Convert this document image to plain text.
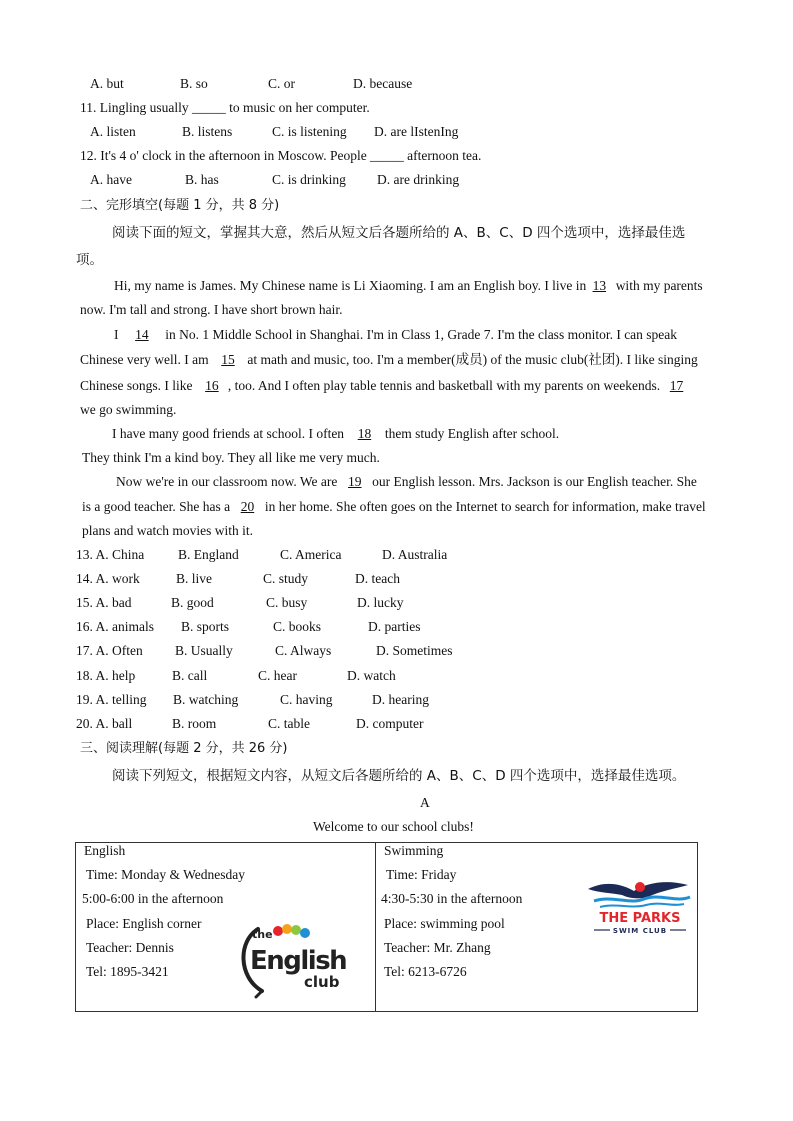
A. but	B. so	C. or	D. because
11. Lingling usually _____ to music on her computer.
A. listen	B. listens	C. is listening D. are lIstenIng
12. It's 4 o' clock in the afternoon in Moscow. People _____ afternoon tea.
A. have	B. has	C. is drinking D. are drinking
二、完形填空(每题 1 分，共 8 分)
阅读下面的短文，掌握其大意，然后从短文后各题所给的 A、B、C、D 四个选项中，选择最佳选
项。
Hi, my name is James. My Chinese name is Li Xiaoming. I am an English boy. I live in 13 with my parents
now. I'm tall and strong. I have short brown hair.
I 14 in No. 1 Middle School in Shanghai. I'm in Class 1, Grade 7. I'm the class monitor. I can speak
Chinese very well. I am 15 at math and music, too. I'm a member(成员) of the music club(社团). I like singing
Chinese songs. I like 16 , too. And I often play table tennis and basketball with my parents on weekends. 17
we go swimming.
I have many good friends at school. I often 18 them study English after school.
They think I'm a kind boy. They all like me very much.
Now we're in our classroom now. We are 19 our English lesson. Mrs. Jackson is our English teacher. She
is a good teacher. She has a 20 in her home. She often goes on the Internet to search for information, make travel
plans and watch movies with it.
13. A. China B. England	C. America	D. Australia
14. A. work	B. live	C. study	D. teach
15. A. bad	B. good	C. busy	D. lucky
16. A. animals B. sports	C. books	D. parties
17. A. Often B. Usually	C. Always	D. Sometimes
18. A. help	B. call	C. hear	D. watch
19. A. telling B. watching	C. having	D. hearing
20. A. ball	B. room	C. table	D. computer
三、阅读理解(每题 2 分，共 26 分)
阅读下列短文，根据短文内容，从短文后各题所给的 A、B、C、D 四个选项中，选择最佳选项。
A
Welcome to our school clubs!
English
Time: Monday & Wednesday
5:00-6:00 in the afternoon
Place: English corner
Teacher: Dennis
Tel: 1895-3421
the
English
club

Swimming
Time: Friday
4:30-5:30 in the afternoon
Place: swimming pool
Teacher: Mr. Zhang
Tel: 6213-6726
THE PARKS
SWIM CLUB
